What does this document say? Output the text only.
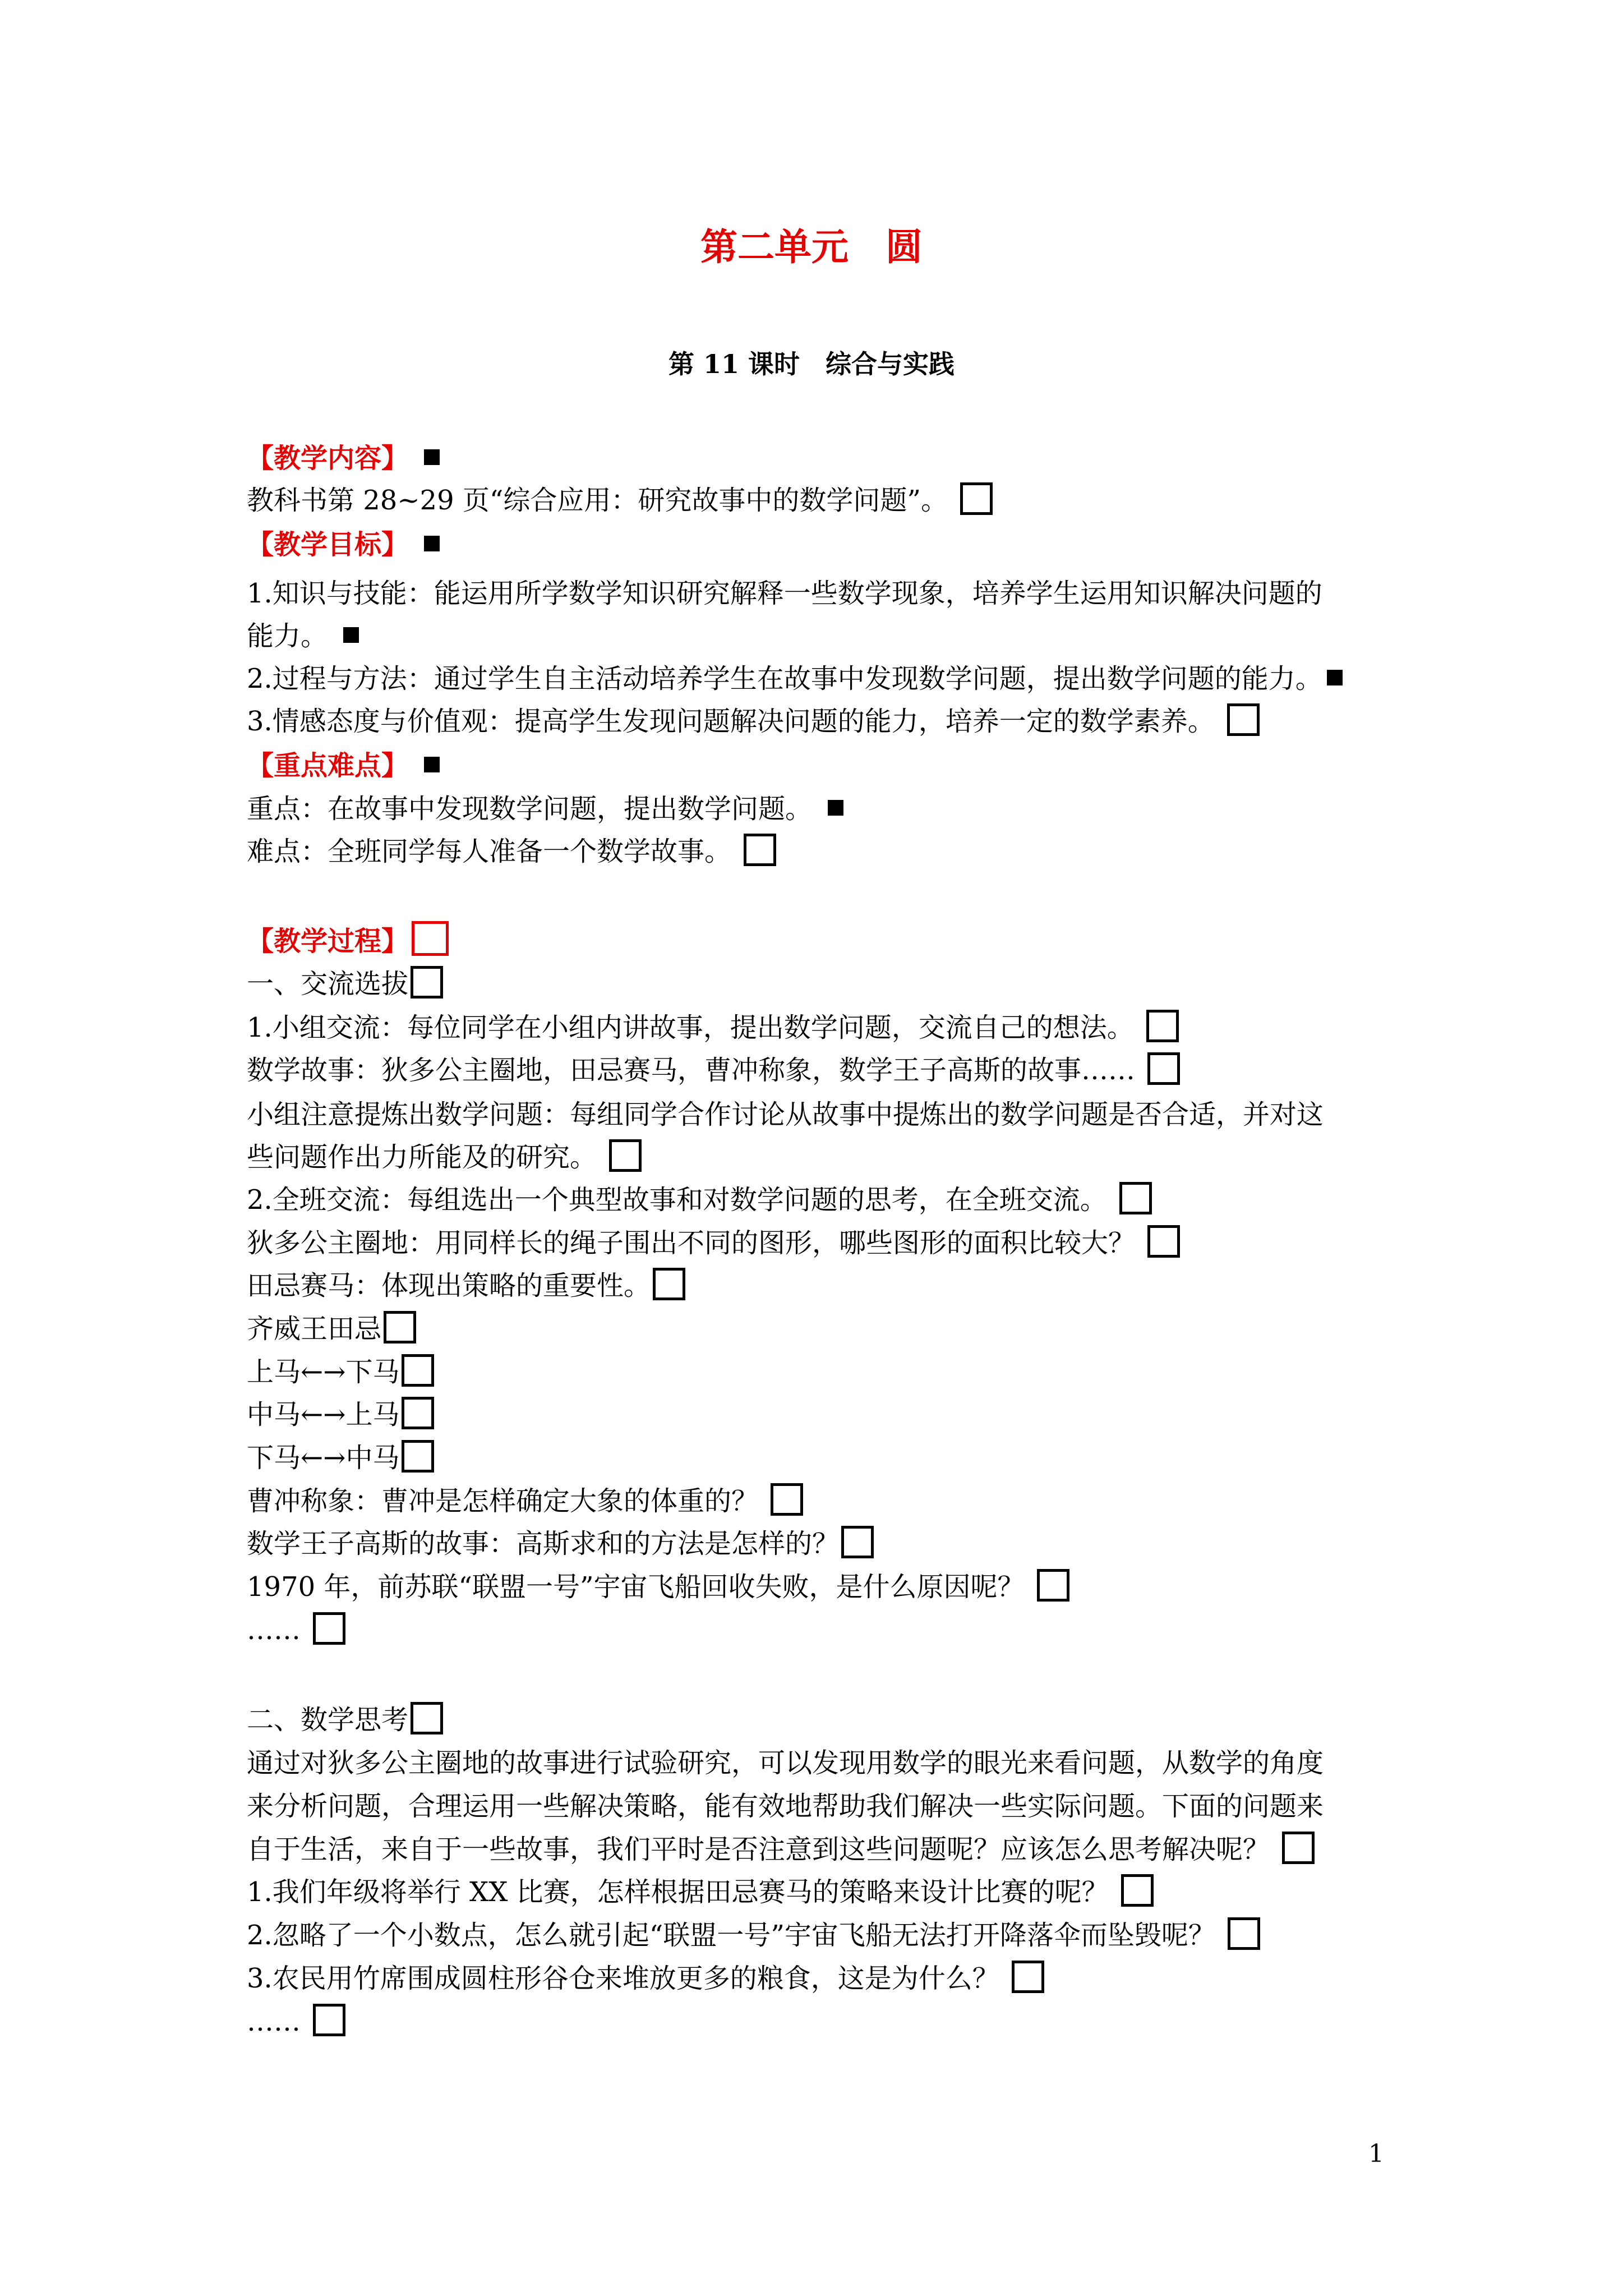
第二单元　圆
第 11 课时　综合与实践
【教学内容】
教科书第 28~29 页“综合应用：研究故事中的数学问题”。
【教学目标】
1.知识与技能：能运用所学数学知识研究解释一些数学现象，培养学生运用知识解决问题的
能力。
2.过程与方法：通过学生自主活动培养学生在故事中发现数学问题，提出数学问题的能力。
3.情感态度与价值观：提高学生发现问题解决问题的能力，培养一定的数学素养。
【重点难点】
重点：在故事中发现数学问题，提出数学问题。
难点：全班同学每人准备一个数学故事。
【教学过程】
一、交流选拔
1.小组交流：每位同学在小组内讲故事，提出数学问题，交流自己的想法。
数学故事：狄多公主圈地，田忌赛马，曹冲称象，数学王子高斯的故事……
小组注意提炼出数学问题：每组同学合作讨论从故事中提炼出的数学问题是否合适，并对这
些问题作出力所能及的研究。
2.全班交流：每组选出一个典型故事和对数学问题的思考，在全班交流。
狄多公主圈地：用同样长的绳子围出不同的图形，哪些图形的面积比较大？
田忌赛马：体现出策略的重要性。
齐威王田忌
上马←→下马
中马←→上马
下马←→中马
曹冲称象：曹冲是怎样确定大象的体重的？
数学王子高斯的故事：高斯求和的方法是怎样的？
1970 年，前苏联“联盟一号”宇宙飞船回收失败，是什么原因呢？
……
二、数学思考
通过对狄多公主圈地的故事进行试验研究，可以发现用数学的眼光来看问题，从数学的角度
来分析问题，合理运用一些解决策略，能有效地帮助我们解决一些实际问题。下面的问题来
自于生活，来自于一些故事，我们平时是否注意到这些问题呢？应该怎么思考解决呢？
1.我们年级将举行 XX 比赛，怎样根据田忌赛马的策略来设计比赛的呢？
2.忽略了一个小数点，怎么就引起“联盟一号”宇宙飞船无法打开降落伞而坠毁呢？
3.农民用竹席围成圆柱形谷仓来堆放更多的粮食，这是为什么？
……
1
